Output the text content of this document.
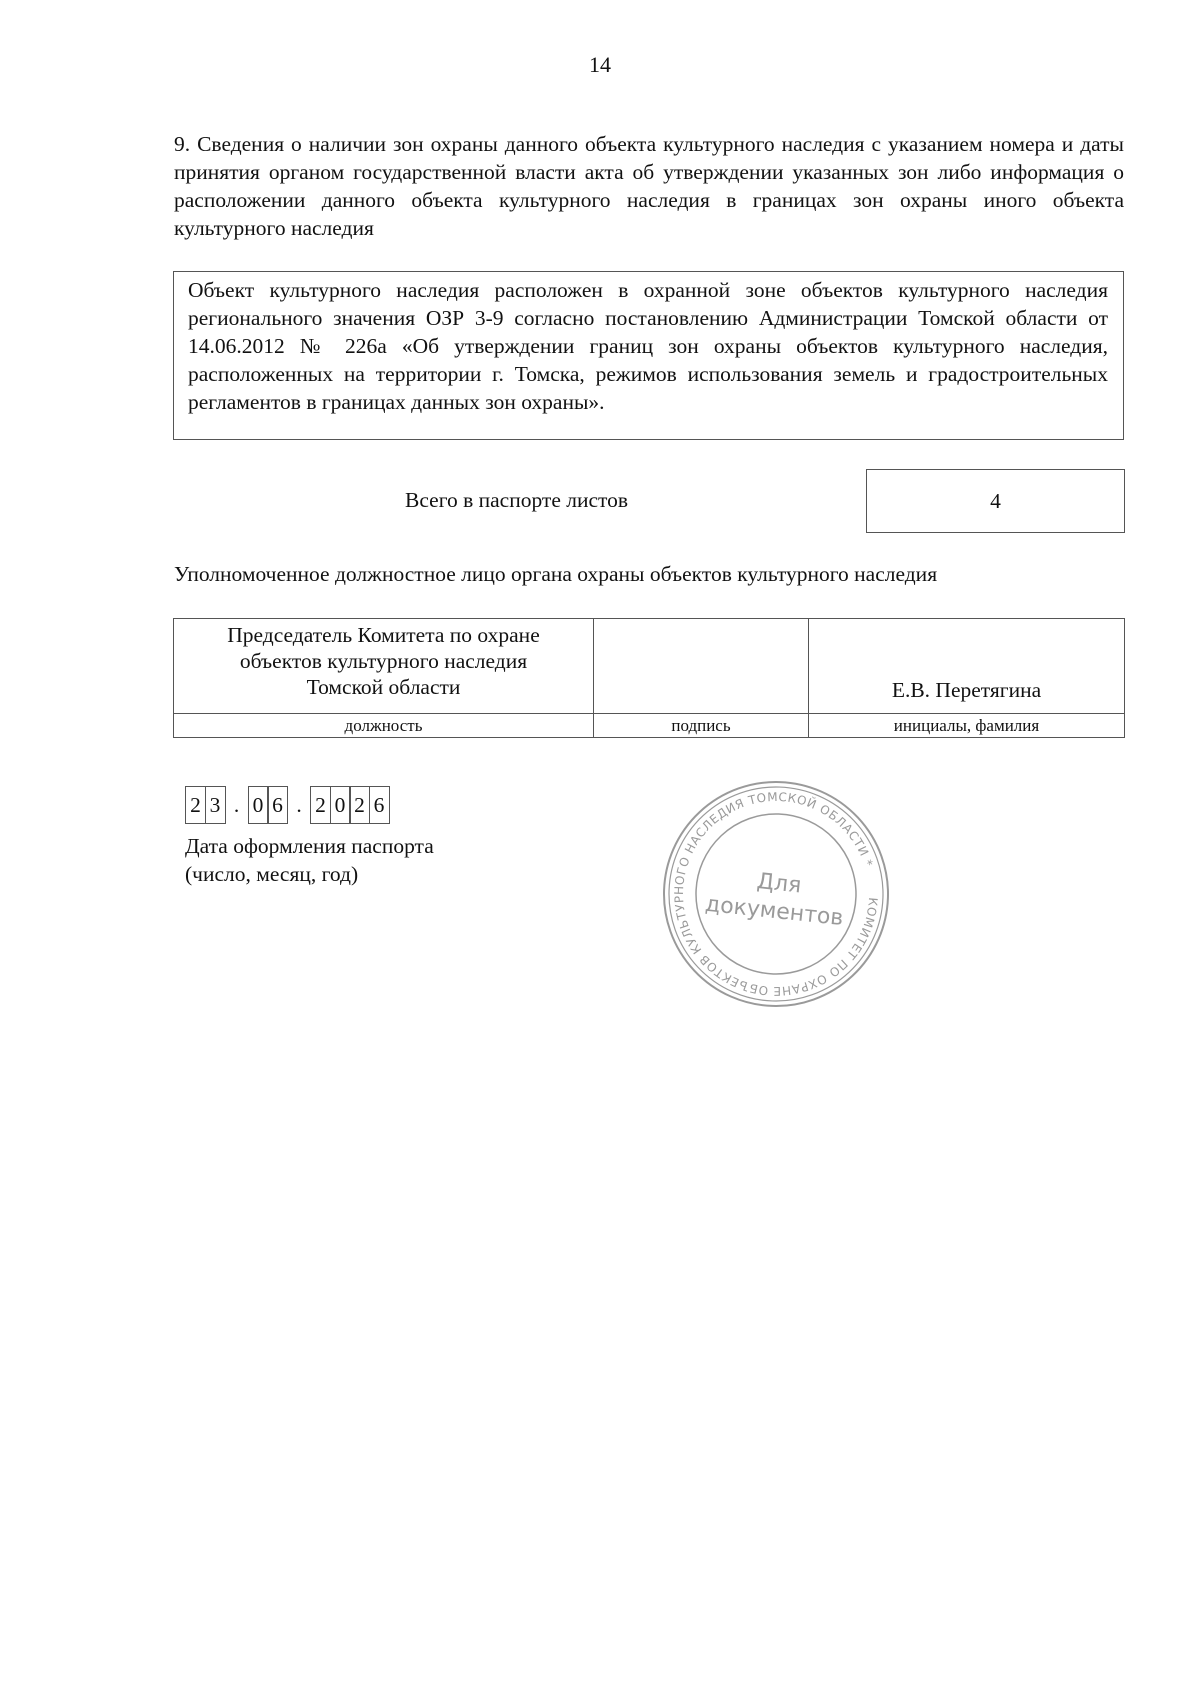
14
9. Сведения о наличии зон охраны данного объекта культурного наследия с указанием номера и даты принятия органом государственной власти акта об утверждении указанных зон либо информация о расположении данного объекта культурного наследия в границах зон охраны иного объекта культурного наследия

Объект культурного наследия расположен в охранной зоне объектов культурного наследия регионального значения ОЗР 3-9 согласно постановлению Администрации Томской области от 14.06.2012 № 226а «Об утверждении границ зон охраны объектов культурного наследия, расположенных на территории г. Томска, режимов использования земель и градостроительных регламентов в границах данных зон охраны».

Всего в паспорте листов	4
Уполномоченное должностное лицо органа охраны объектов культурного наследия
Председатель Комитета по охране
объектов культурного наследия
Томской области		Е.В. Перетягина
должность	подпись	инициалы, фамилия
2 3 . 0 6 . 2 0 2 6
Дата оформления паспорта
(число, месяц, год)
КОМИТЕТ ПО ОХРАНЕ ОБЪЕКТОВ КУЛЬТУРНОГО НАСЛЕДИЯ ТОМСКОЙ ОБЛАСТИ *
Для
документов
